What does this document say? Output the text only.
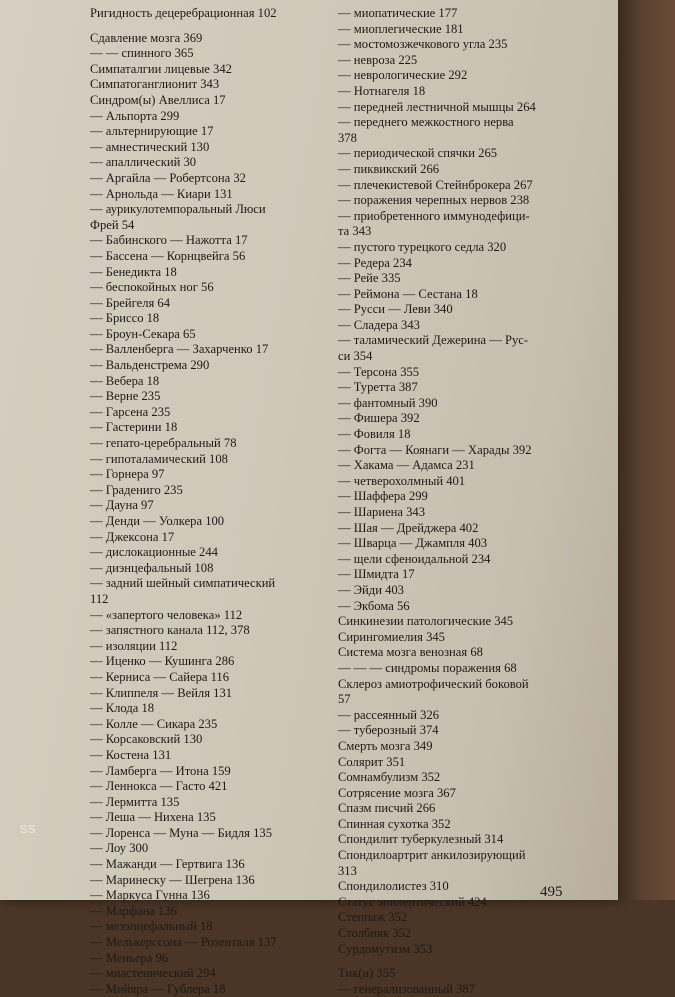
Ригидность децеребрационная 102
Сдавление мозга 369
— — спинного 365
Симпаталгии лицевые 342
Симпатоганглионит 343
Синдром(ы) Авеллиса 17
— Альпорта 299
— альтернирующие 17
— амнестический 130
— апаллический 30
— Аргайла — Робертсона 32
— Арнольда — Киари 131
— аурикулотемпоральный Люси
Фрей 54
— Бабинского — Нажотта 17
— Бассена — Корнцвейга 56
— Бенедикта 18
— беспокойных ног 56
— Брейгеля 64
— Бриссо 18
— Броун-Секара 65
— Валленберга — Захарченко 17
— Вальденстрема 290
— Вебера 18
— Верне 235
— Гарсена 235
— Гастерини 18
— гепато-церебральный 78
— гипоталамический 108
— Горнера 97
— Градениго 235
— Дауна 97
— Денди — Уолкера 100
— Джексона 17
— дислокационные 244
— диэнцефальный 108
— задний шейный симпатический
112
— «запертого человека» 112
— запястного канала 112, 378
— изоляции 112
— Иценко — Кушинга 286
— Керниса — Сайера 116
— Клиппеля — Вейля 131
— Клода 18
— Колле — Сикара 235
— Корсаковский 130
— Костена 131
— Ламберга — Итона 159
— Леннокса — Гасто 421
— Лермитта 135
— Леша — Нихена 135
— Лоренса — Муна — Бидля 135
— Лоу 300
— Мажанди — Гертвига 136
— Маринеску — Шегрена 136
— Маркуса Гунна 136
— Марфана 136
— мезэнцефальный 18
— Мелькерссона — Розенталя 137
— Меньера 96
— миастенический 294
— Мийяра — Гублера 18
— миопатические 177
— миоплегические 181
— мостомозжечкового угла 235
— невроза 225
— неврологические 292
— Нотнагеля 18
— передней лестничной мышцы 264
— переднего межкостного нерва
378
— периодической спячки 265
— пиквикский 266
— плечекистевой Стейнброкера 267
— поражения черепных нервов 238
— приобретенного иммунодефици-
та 343
— пустого турецкого седла 320
— Редера 234
— Рейе 335
— Реймона — Сестана 18
— Русси — Леви 340
— Сладера 343
— таламический Дежерина — Рус-
си 354
— Терсона 355
— Туретта 387
— фантомный 390
— Фишера 392
— Фовиля 18
— Фогта — Коянаги — Харады 392
— Хакама — Адамса 231
— четверохолмный 401
— Шаффера 299
— Шариена 343
— Шая — Дрейджера 402
— Шварца — Джампля 403
— щели сфеноидальной 234
— Шмидта 17
— Эйди 403
— Экбома 56
Синкинезии патологические 345
Сирингомиелия 345
Система мозга венозная 68
— — — синдромы поражения 68
Склероз амиотрофический боковой
57
— рассеянный 326
— туберозный 374
Смерть мозга 349
Солярит 351
Сомнамбулизм 352
Сотрясение мозга 367
Спазм писчий 266
Спинная сухотка 352
Спондилит туберкулезный 314
Спондилоартрит анкилозирующий
313
Спондилолистез 310
Статус эпилептический 424
Степпаж 352
Столбняк 352
Сурдомутизм 353
Тик(и) 355
— генерализованный 387
495
ss
